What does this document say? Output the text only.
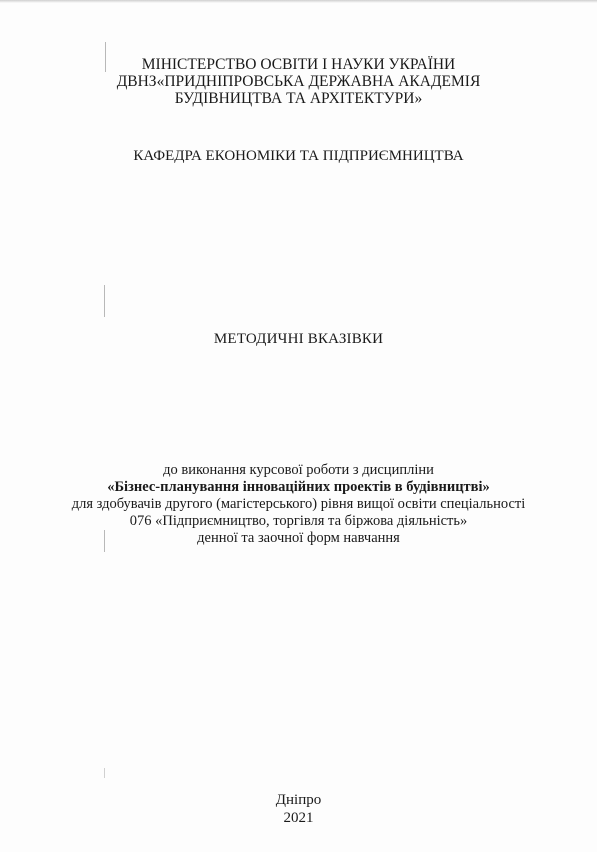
МІНІСТЕРСТВО ОСВІТИ І НАУКИ УКРАЇНИ
ДВНЗ«ПРИДНІПРОВСЬКА ДЕРЖАВНА АКАДЕМІЯ
БУДІВНИЦТВА ТА АРХІТЕКТУРИ»
КАФЕДРА ЕКОНОМІКИ ТА ПІДПРИЄМНИЦТВА
МЕТОДИЧНІ ВКАЗІВКИ
до виконання курсової роботи з дисципліни
«Бізнес-планування інноваційних проектів в будівництві»
для здобувачів другого (магістерського) рівня вищої освіти спеціальності
076 «Підприємництво, торгівля та біржова діяльність»
денної та заочної форм навчання
Дніпро
2021
